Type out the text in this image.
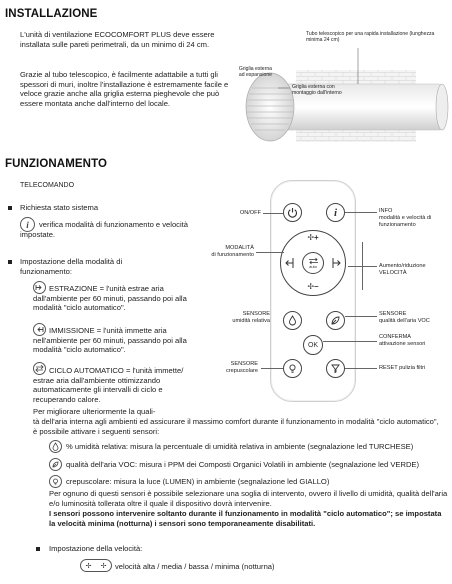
INSTALLAZIONE
L'unità di ventilazione ECOCOMFORT PLUS deve essere installata sulle pareti perimetrali, da un minimo di 24 cm.
Grazie al tubo telescopico, è facilmente adattabile a tutti gli spessori di muri, inoltre l'installazione è estremamente facile e veloce grazie anche alla griglia esterna pieghevole che può essere montata anche dall'interno del locale.
Tubo telescopico per una rapida installazione (lunghezza minima 24 cm)
Griglia esterna ad espansione
Griglia esterna con montaggio dall'interno
FUNZIONAMENTO
TELECOMANDO
Richiesta stato sistema
i	verifica modalità di funzionamento e velocità impostate.
Impostazione della modalità di funzionamento:
ESTRAZIONE = l'unità estrae aria dall'ambiente per 60 minuti, passando poi alla modalità "ciclo automatico".
IMMISSIONE = l'unità immette aria nell'ambiente per 60 minuti, passando poi alla modalità "ciclo automatico".
CICLO AUTOMATICO = l'unità immette/ estrae aria dall'ambiente ottimizzando automaticamente gli intervalli di ciclo e recuperando calore.
Per migliorare ulteriormente la quali-
tà dell'aria interna agli ambienti ed assicurare il massimo comfort durante il funzionamento in modalità "ciclo automatico", è possibile attivare i seguenti sensori:
% umidità relativa: misura la percentuale di umidità relativa in ambiente (segnalazione led TURCHESE)
qualità dell'aria VOC: misura i PPM dei Composti Organici Volatili in ambiente (segnalazione led VERDE)
crepuscolare: misura la luce (LUMEN) in ambiente (segnalazione led GIALLO)
Per ognuno di questi sensori è possibile selezionare una soglia di intervento, ovvero il livello di umidità, qualità dell'aria e/o luminosità tollerata oltre il quale il dispositivo dovrà intervenire.
I sensori possono intervenire soltanto durante il funzionamento in modalità "ciclo automatico"; se impostata la velocità minima (notturna) i sensori sono temporaneamente disabilitati.
Impostazione della velocità:
✢ ✢ velocità alta / media / bassa / minima (notturna)
i
✢+
✢–
auto
OK
ON/OFF
MODALITÀ
di funzionamento
SENSORE
umidità relativa
SENSORE
crepuscolare
INFO
modalità e velocità di funzionamento
Aumento/riduzione VELOCITÀ
SENSORE
qualità dell'aria VOC
CONFERMA
attivazione sensori
RESET pulizia filtri
